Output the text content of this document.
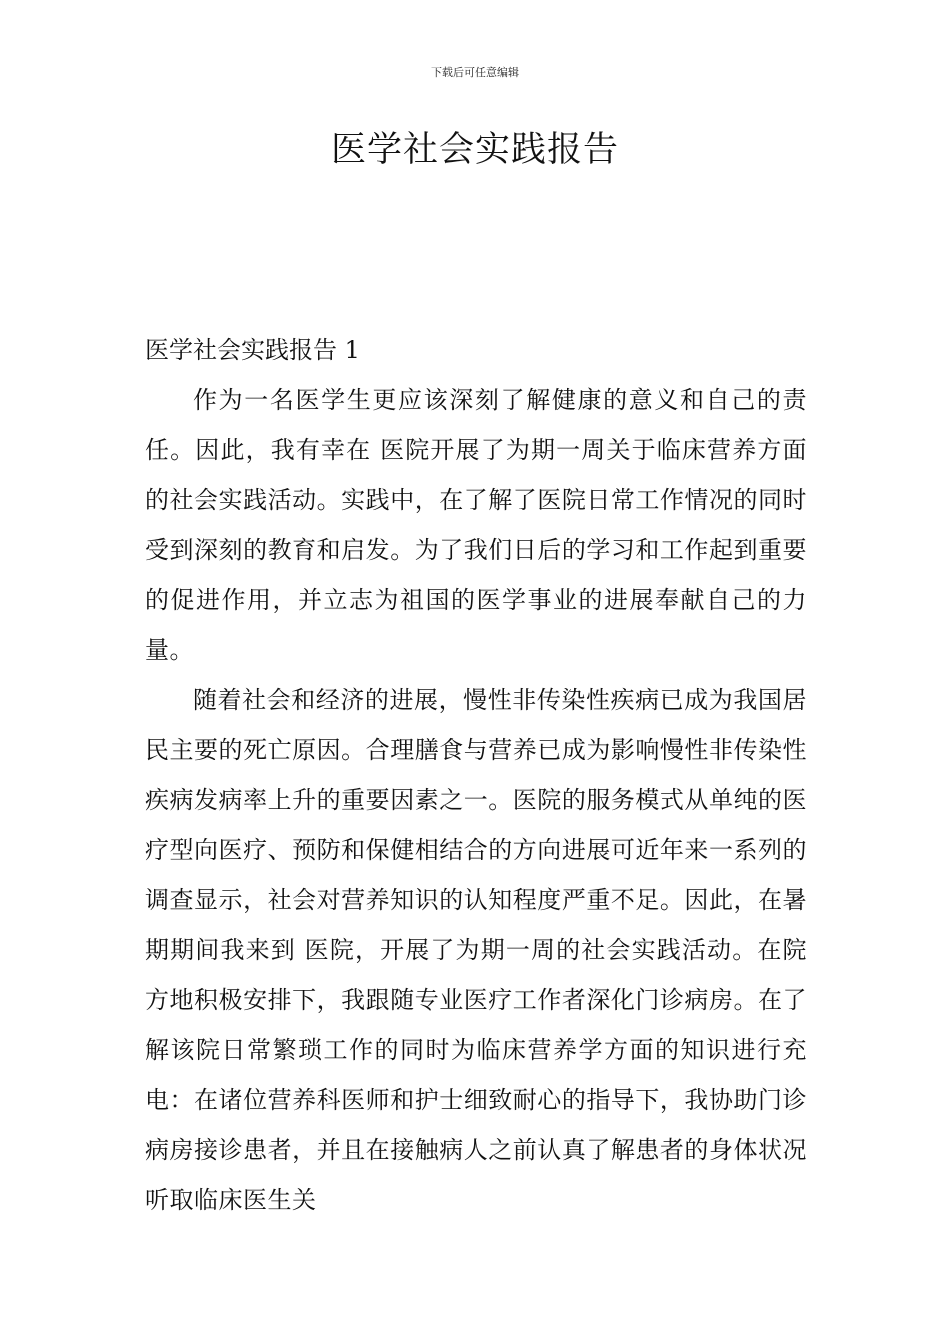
下载后可任意编辑
医学社会实践报告

医学社会实践报告 1

作为一名医学生更应该深刻了解健康的意义和自己的责任。因此，我有幸在 医院开展了为期一周关于临床营养方面的社会实践活动。实践中，在了解了医院日常工作情况的同时受到深刻的教育和启发。为了我们日后的学习和工作起到重要的促进作用，并立志为祖国的医学事业的进展奉献自己的力量。

随着社会和经济的进展，慢性非传染性疾病已成为我国居民主要的死亡原因。合理膳食与营养已成为影响慢性非传染性疾病发病率上升的重要因素之一。医院的服务模式从单纯的医疗型向医疗、预防和保健相结合的方向进展可近年来一系列的调查显示，社会对营养知识的认知程度严重不足。因此，在暑期期间我来到 医院，开展了为期一周的社会实践活动。在院方地积极安排下，我跟随专业医疗工作者深化门诊病房。在了解该院日常繁琐工作的同时为临床营养学方面的知识进行充电：在诸位营养科医师和护士细致耐心的指导下，我协助门诊病房接诊患者，并且在接触病人之前认真了解患者的身体状况听取临床医生关
